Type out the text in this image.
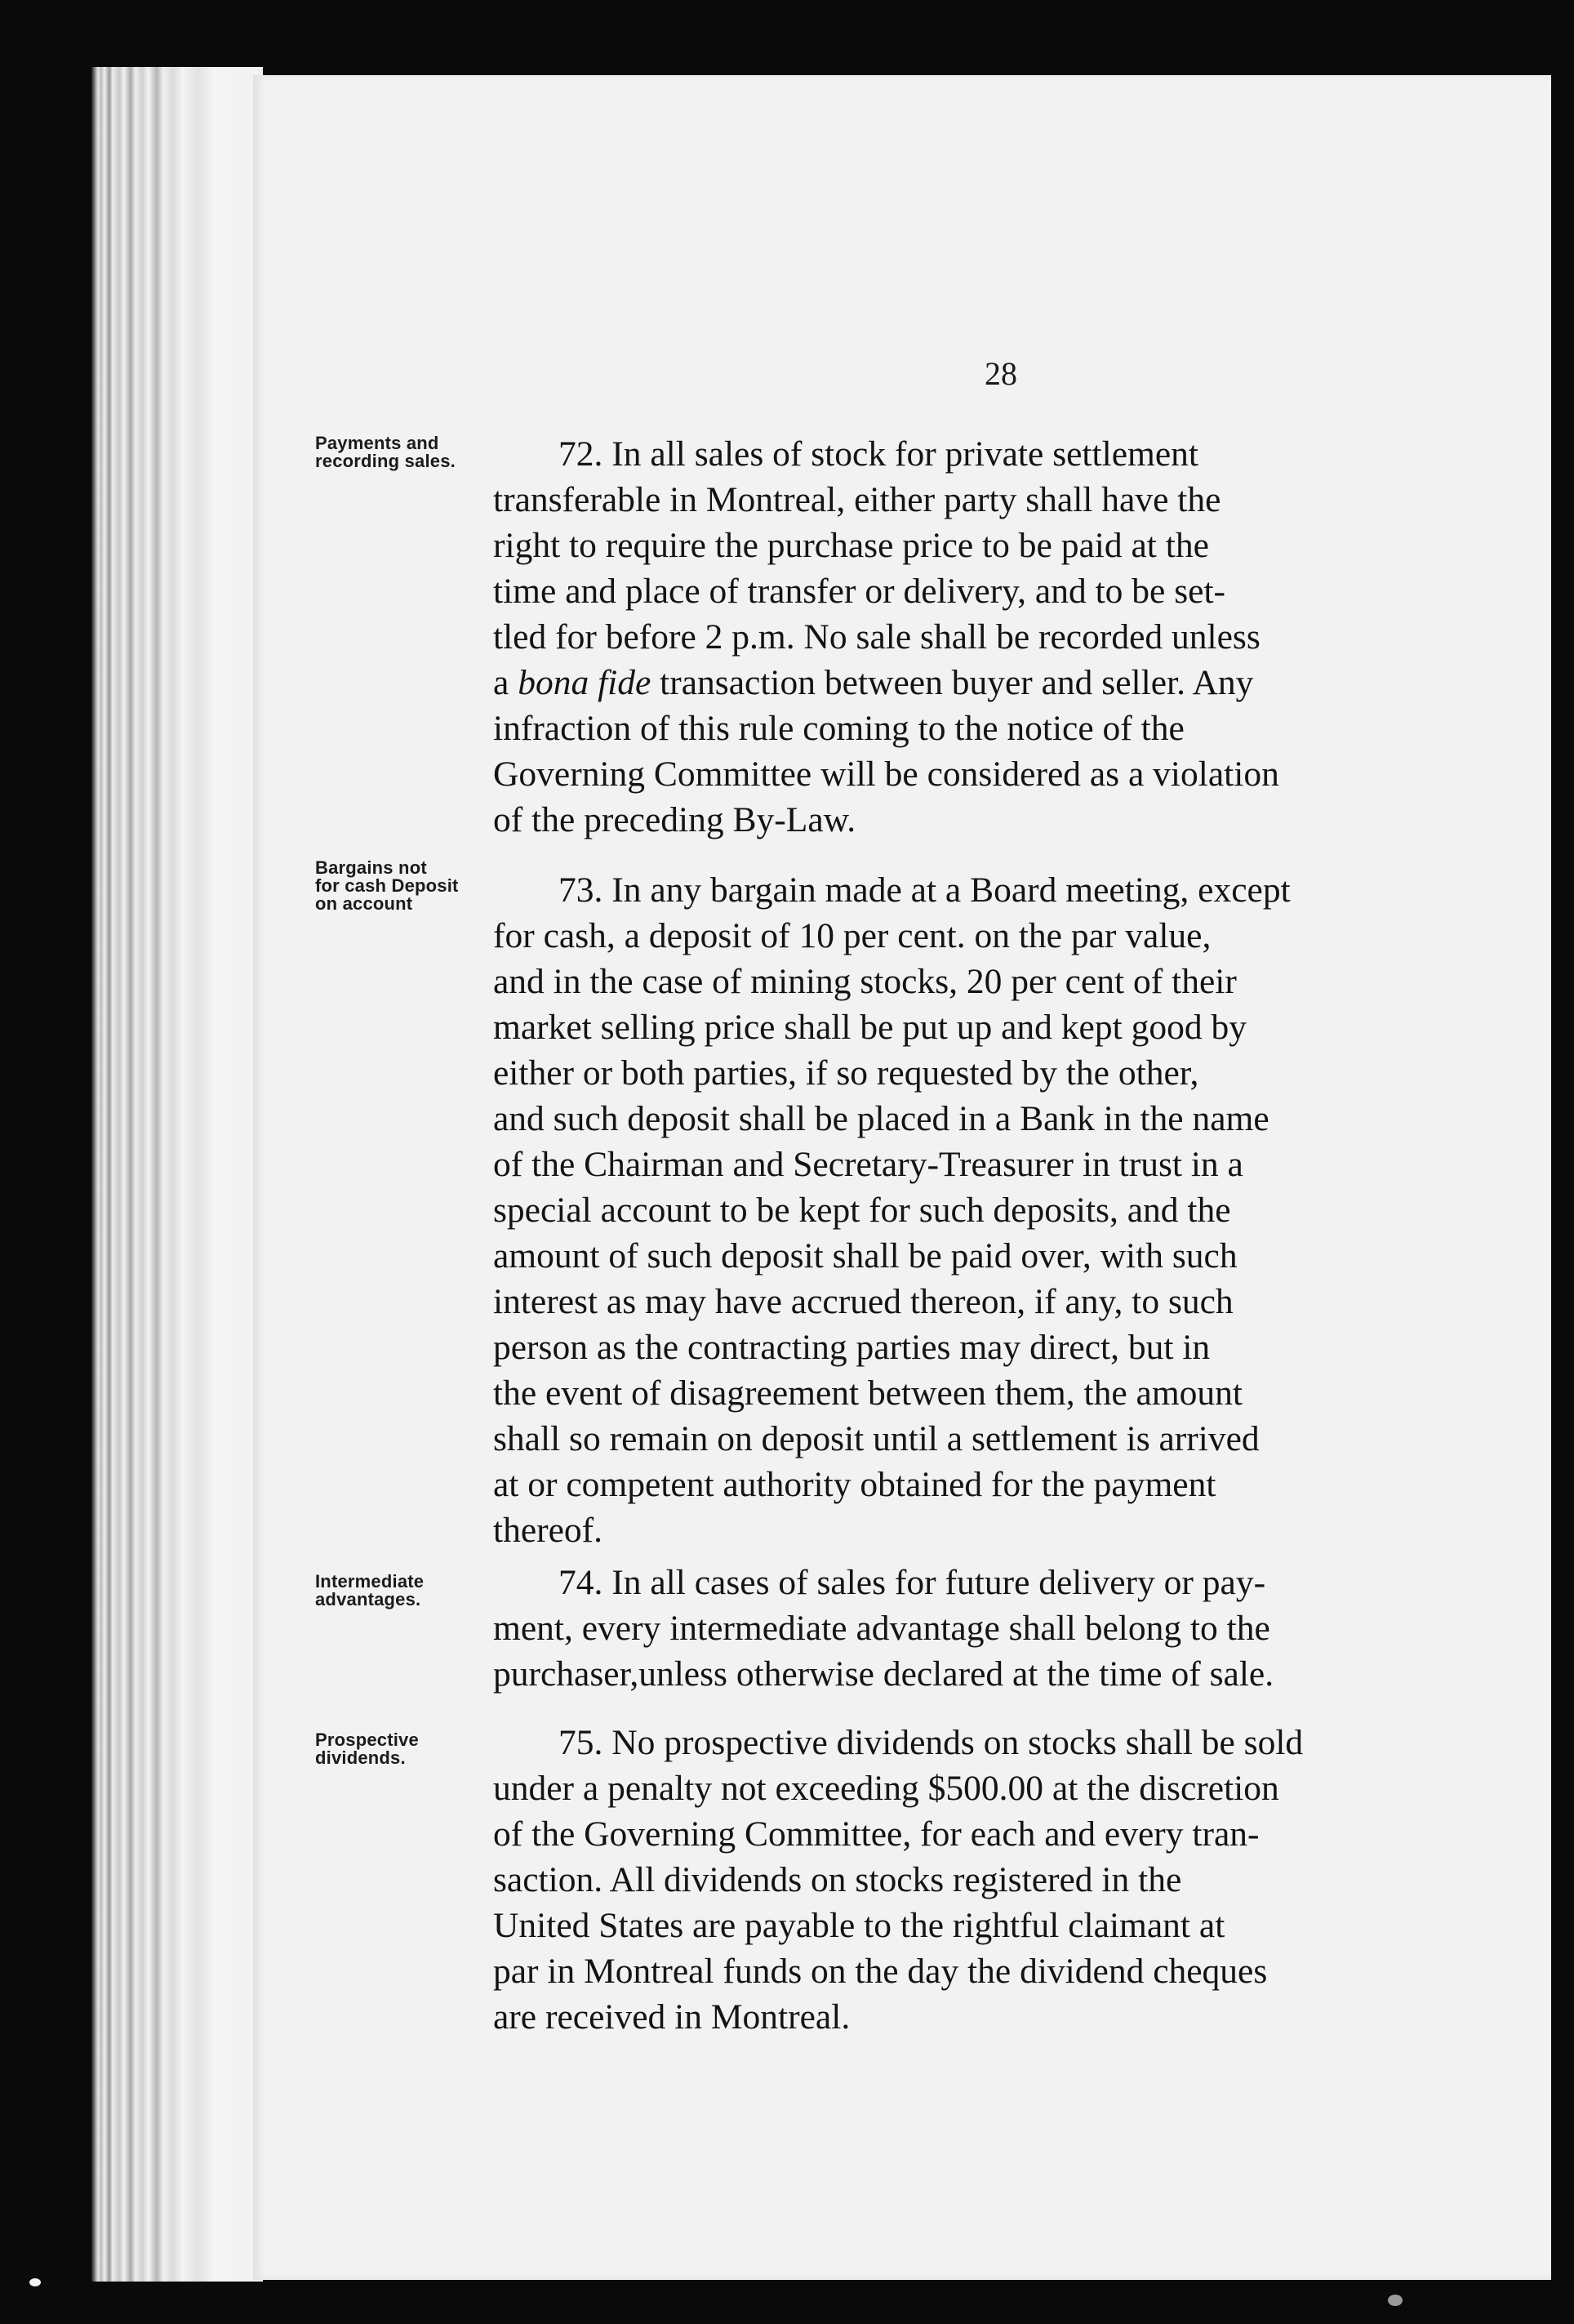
28
Payments and
recording sales.	72. In all sales of stock for private settlement
transferable in Montreal, either party shall have the
right to require the purchase price to be paid at the
time and place of transfer or delivery, and to be set-
tled for before 2 p.m. No sale shall be recorded unless
a bona fide transaction between buyer and seller. Any
infraction of this rule coming to the notice of the
Governing Committee will be considered as a violation
of the preceding By-Law.
Bargains not
for cash Deposit
on account	73. In any bargain made at a Board meeting, except
for cash, a deposit of 10 per cent. on the par value,
and in the case of mining stocks, 20 per cent of their
market selling price shall be put up and kept good by
either or both parties, if so requested by the other,
and such deposit shall be placed in a Bank in the name
of the Chairman and Secretary-Treasurer in trust in a
special account to be kept for such deposits, and the
amount of such deposit shall be paid over, with such
interest as may have accrued thereon, if any, to such
person as the contracting parties may direct, but in
the event of disagreement between them, the amount
shall so remain on deposit until a settlement is arrived
at or competent authority obtained for the payment
thereof.
Intermediate
advantages.	74. In all cases of sales for future delivery or pay-
ment, every intermediate advantage shall belong to the
purchaser,unless otherwise declared at the time of sale.
Prospective
dividends.	75. No prospective dividends on stocks shall be sold
under a penalty not exceeding $500.00 at the discretion
of the Governing Committee, for each and every tran-
saction. All dividends on stocks registered in the
United States are payable to the rightful claimant at
par in Montreal funds on the day the dividend cheques
are received in Montreal.
